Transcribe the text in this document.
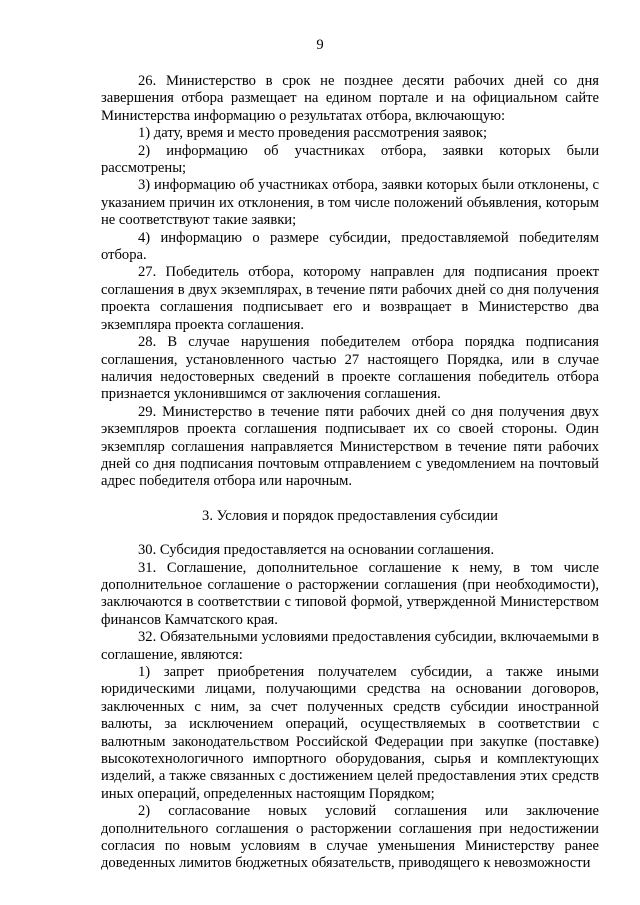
9

26. Министерство в срок не позднее десяти рабочих дней со дня завершения отбора размещает на едином портале и на официальном сайте Министерства информацию о результатах отбора, включающую:

1) дату, время и место проведения рассмотрения заявок;

2) информацию об участниках отбора, заявки которых были рассмотрены;

3) информацию об участниках отбора, заявки которых были отклонены, с указанием причин их отклонения, в том числе положений объявления, которым не соответствуют такие заявки;

4) информацию о размере субсидии, предоставляемой победителям отбора.

27. Победитель отбора, которому направлен для подписания проект соглашения в двух экземплярах, в течение пяти рабочих дней со дня получения проекта соглашения подписывает его и возвращает в Министерство два экземпляра проекта соглашения.

28. В случае нарушения победителем отбора порядка подписания соглашения, установленного частью 27 настоящего Порядка, или в случае наличия недостоверных сведений в проекте соглашения победитель отбора признается уклонившимся от заключения соглашения.

29. Министерство в течение пяти рабочих дней со дня получения двух экземпляров проекта соглашения подписывает их со своей стороны. Один экземпляр соглашения направляется Министерством в течение пяти рабочих дней со дня подписания почтовым отправлением с уведомлением на почтовый адрес победителя отбора или нарочным.

3. Условия и порядок предоставления субсидии

30. Субсидия предоставляется на основании соглашения.

31. Соглашение, дополнительное соглашение к нему, в том числе дополнительное соглашение о расторжении соглашения (при необходимости), заключаются в соответствии с типовой формой, утвержденной Министерством финансов Камчатского края.

32. Обязательными условиями предоставления субсидии, включаемыми в соглашение, являются:

1) запрет приобретения получателем субсидии, а также иными юридическими лицами, получающими средства на основании договоров, заключенных с ним, за счет полученных средств субсидии иностранной валюты, за исключением операций, осуществляемых в соответствии с валютным законодательством Российской Федерации при закупке (поставке) высокотехнологичного импортного оборудования, сырья и комплектующих изделий, а также связанных с достижением целей предоставления этих средств иных операций, определенных настоящим Порядком;

2) согласование новых условий соглашения или заключение дополнительного соглашения о расторжении соглашения при недостижении согласия по новым условиям в случае уменьшения Министерству ранее доведенных лимитов бюджетных обязательств, приводящего к невозможности
